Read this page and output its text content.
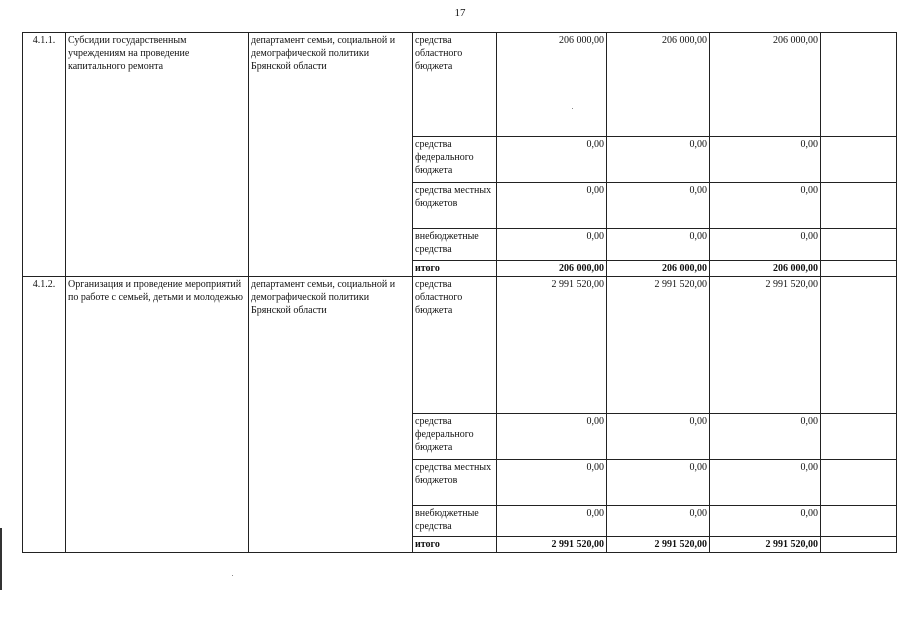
17
4.1.1.	Субсидии государственным учреждениям на проведение капитального ремонта	департамент семьи, социальной и демографической политики Брянской области	средства областного бюджета	206 000,00	206 000,00	206 000,00	
			средства федерального бюджета	0,00	0,00	0,00	
			средства местных бюджетов	0,00	0,00	0,00	
			внебюджетные средства	0,00	0,00	0,00	
			итого	206 000,00	206 000,00	206 000,00	
4.1.2.	Организация и проведение мероприятий по работе с семьей, детьми и молодежью	департамент семьи, социальной и демографической политики Брянской области	средства областного бюджета	2 991 520,00	2 991 520,00	2 991 520,00	
			средства федерального бюджета	0,00	0,00	0,00	
			средства местных бюджетов	0,00	0,00	0,00	
			внебюджетные средства	0,00	0,00	0,00	
			итого	2 991 520,00	2 991 520,00	2 991 520,00	
